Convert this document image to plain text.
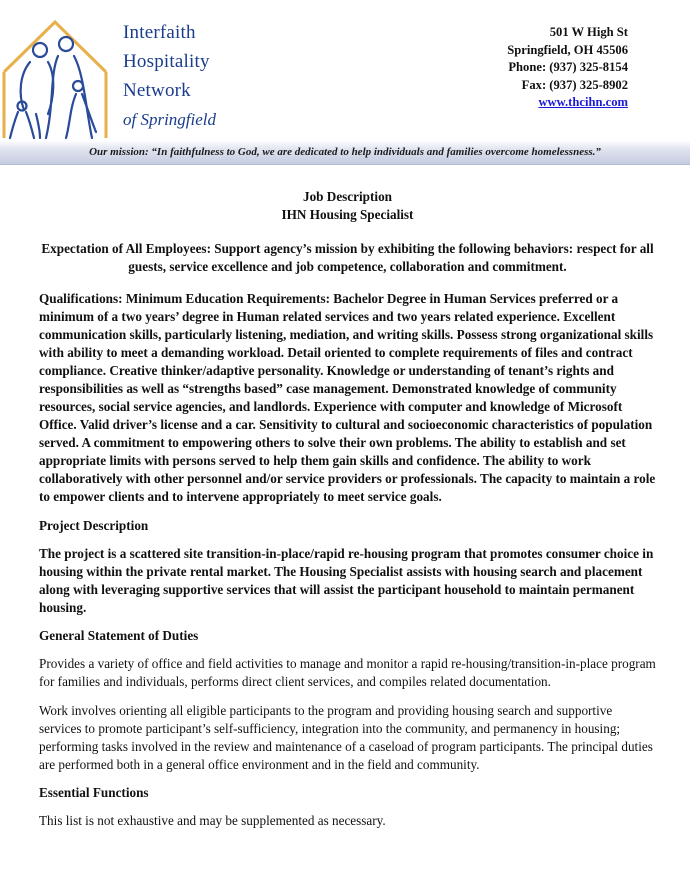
Interfaith
Hospitality
Network
of Springfield
501 W High St
Springfield, OH 45506
Phone: (937) 325-8154
Fax: (937) 325-8902
www.thcihn.com
Our mission: “In faithfulness to God, we are dedicated to help individuals and families overcome homelessness.”

Job Description
IHN Housing Specialist

Expectation of All Employees: Support agency’s mission by exhibiting the following behaviors: respect for all guests, service excellence and job competence, collaboration and commitment.

Qualifications: Minimum Education Requirements: Bachelor Degree in Human Services preferred or a minimum of a two years’ degree in Human related services and two years related experience. Excellent communication skills, particularly listening, mediation, and writing skills. Possess strong organizational skills with ability to meet a demanding workload. Detail oriented to complete requirements of files and contract compliance. Creative thinker/adaptive personality. Knowledge or understanding of tenant’s rights and responsibilities as well as “strengths based” case management. Demonstrated knowledge of community resources, social service agencies, and landlords. Experience with computer and knowledge of Microsoft Office. Valid driver’s license and a car. Sensitivity to cultural and socioeconomic characteristics of population served. A commitment to empowering others to solve their own problems. The ability to establish and set appropriate limits with persons served to help them gain skills and confidence. The ability to work collaboratively with other personnel and/or service providers or professionals. The capacity to maintain a role to empower clients and to intervene appropriately to meet service goals.

Project Description

The project is a scattered site transition-in-place/rapid re-housing program that promotes consumer choice in housing within the private rental market. The Housing Specialist assists with housing search and placement along with leveraging supportive services that will assist the participant household to maintain permanent housing.

General Statement of Duties

Provides a variety of office and field activities to manage and monitor a rapid re-housing/transition-in-place program for families and individuals, performs direct client services, and compiles related documentation.

Work involves orienting all eligible participants to the program and providing housing search and supportive services to promote participant’s self-sufficiency, integration into the community, and permanency in housing; performing tasks involved in the review and maintenance of a caseload of program participants. The principal duties are performed both in a general office environment and in the field and community.

Essential Functions

This list is not exhaustive and may be supplemented as necessary.
